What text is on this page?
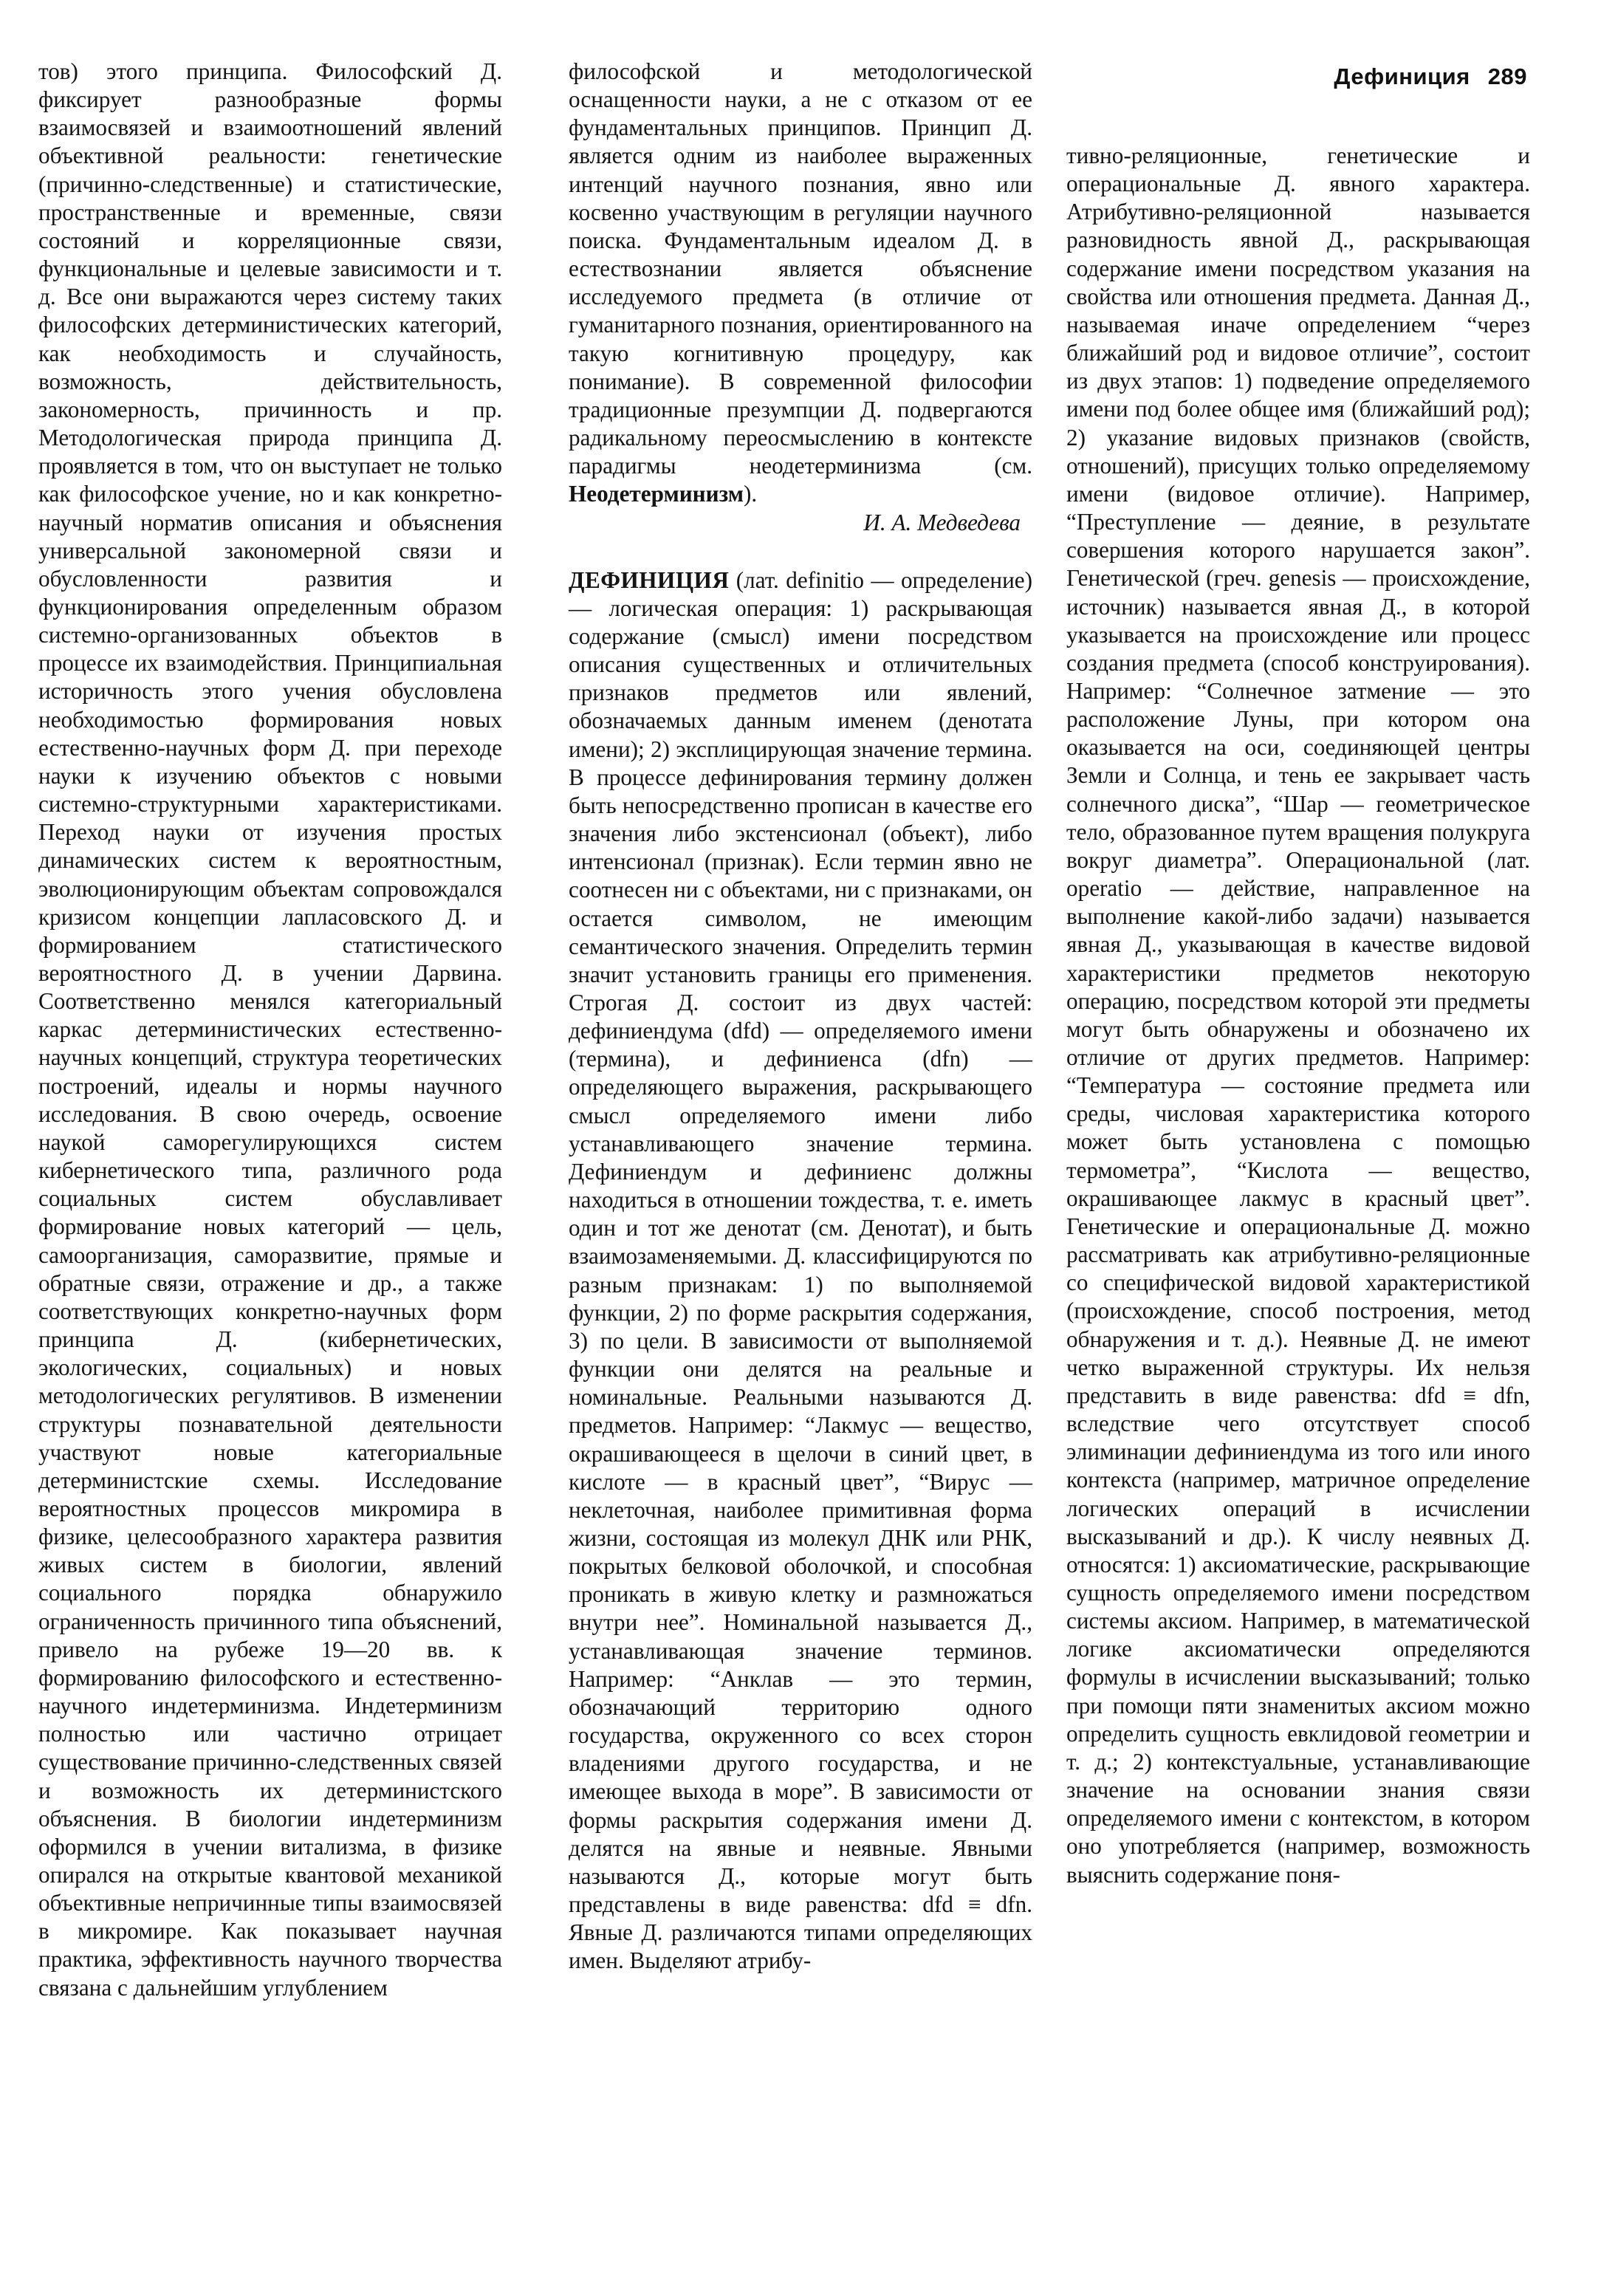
Дефиниция 289

тов) этого принципа. Философский Д. фиксирует разнообразные формы взаимосвязей и взаимоотношений явлений объективной реальности: генетические (причинно-следственные) и статистические, пространственные и временные, связи состояний и корреляционные связи, функциональные и целевые зависимости и т. д. Все они выражаются через систему таких философских детерминистических категорий, как необходимость и случайность, возможность, действительность, закономерность, причинность и пр. Методологическая природа принципа Д. проявляется в том, что он выступает не только как философское учение, но и как конкретно-научный норматив описания и объяснения универсальной закономерной связи и обусловленности развития и функционирования определенным образом системно-организованных объектов в процессе их взаимодействия. Принципиальная историчность этого учения обусловлена необходимостью формирования новых естественно-научных форм Д. при переходе науки к изучению объектов с новыми системно-структурными характеристиками. Переход науки от изучения простых динамических систем к вероятностным, эволюционирующим объектам сопровождался кризисом концепции лапласовского Д. и формированием статистического вероятностного Д. в учении Дарвина. Соответственно менялся категориальный каркас детерминистических естественно-научных концепций, структура теоретических построений, идеалы и нормы научного исследования. В свою очередь, освоение наукой саморегулирующихся систем кибернетического типа, различного рода социальных систем обуславливает формирование новых категорий — цель, самоорганизация, саморазвитие, прямые и обратные связи, отражение и др., а также соответствующих конкретно-научных форм принципа Д. (кибернетических, экологических, социальных) и новых методологических регулятивов. В изменении структуры познавательной деятельности участвуют новые категориальные детерминистские схемы. Исследование вероятностных процессов микромира в физике, целесообразного характера развития живых систем в биологии, явлений социального порядка обнаружило ограниченность причинного типа объяснений, привело на рубеже 19—20 вв. к формированию философского и естественно-научного индетерминизма. Индетерминизм полностью или частично отрицает существование причинно-следственных связей и возможность их детерминистского объяснения. В биологии индетерминизм оформился в учении витализма, в физике опирался на открытые квантовой механикой объективные непричинные типы взаимосвязей в микромире. Как показывает научная практика, эффективность научного творчества связана с дальнейшим углублением

философской и методологической оснащенности науки, а не с отказом от ее фундаментальных принципов. Принцип Д. является одним из наиболее выраженных интенций научного познания, явно или косвенно участвующим в регуляции научного поиска. Фундаментальным идеалом Д. в естествознании является объяснение исследуемого предмета (в отличие от гуманитарного познания, ориентированного на такую когнитивную процедуру, как понимание). В современной философии традиционные презумпции Д. подвергаются радикальному переосмыслению в контексте парадигмы неодетерминизма (см. Неодетерминизм).

И. А. Медведева

ДЕФИНИЦИЯ (лат. definitio — определение) — логическая операция: 1) раскрывающая содержание (смысл) имени посредством описания существенных и отличительных признаков предметов или явлений, обозначаемых данным именем (денотата имени); 2) эксплицирующая значение термина. В процессе дефинирования термину должен быть непосредственно прописан в качестве его значения либо экстенсионал (объект), либо интенсионал (признак). Если термин явно не соотнесен ни с объектами, ни с признаками, он остается символом, не имеющим семантического значения. Определить термин значит установить границы его применения. Строгая Д. состоит из двух частей: дефиниендума (dfd) — определяемого имени (термина), и дефиниенса (dfn) — определяющего выражения, раскрывающего смысл определяемого имени либо устанавливающего значение термина. Дефиниендум и дефиниенс должны находиться в отношении тождества, т. е. иметь один и тот же денотат (см. Денотат), и быть взаимозаменяемыми. Д. классифицируются по разным признакам: 1) по выполняемой функции, 2) по форме раскрытия содержания, 3) по цели. В зависимости от выполняемой функции они делятся на реальные и номинальные. Реальными называются Д. предметов. Например: “Лакмус — вещество, окрашивающееся в щелочи в синий цвет, в кислоте — в красный цвет”, “Вирус — неклеточная, наиболее примитивная форма жизни, состоящая из молекул ДНК или РНК, покрытых белковой оболочкой, и способная проникать в живую клетку и размножаться внутри нее”. Номинальной называется Д., устанавливающая значение терминов. Например: “Анклав — это термин, обозначающий территорию одного государства, окруженного со всех сторон владениями другого государства, и не имеющее выхода в море”. В зависимости от формы раскрытия содержания имени Д. делятся на явные и неявные. Явными называются Д., которые могут быть представлены в виде равенства: dfd ≡ dfn. Явные Д. различаются типами определяющих имен. Выделяют атрибу-

тивно-реляционные, генетические и операциональные Д. явного характера. Атрибутивно-реляционной называется разновидность явной Д., раскрывающая содержание имени посредством указания на свойства или отношения предмета. Данная Д., называемая иначе определением “через ближайший род и видовое отличие”, состоит из двух этапов: 1) подведение определяемого имени под более общее имя (ближайший род); 2) указание видовых признаков (свойств, отношений), присущих только определяемому имени (видовое отличие). Например, “Преступление — деяние, в результате совершения которого нарушается закон”. Генетической (греч. genesis — происхождение, источник) называется явная Д., в которой указывается на происхождение или процесс создания предмета (способ конструирования). Например: “Солнечное затмение — это расположение Луны, при котором она оказывается на оси, соединяющей центры Земли и Солнца, и тень ее закрывает часть солнечного диска”, “Шар — геометрическое тело, образованное путем вращения полукруга вокруг диаметра”. Операциональной (лат. operatio — действие, направленное на выполнение какой-либо задачи) называется явная Д., указывающая в качестве видовой характеристики предметов некоторую операцию, посредством которой эти предметы могут быть обнаружены и обозначено их отличие от других предметов. Например: “Температура — состояние предмета или среды, числовая характеристика которого может быть установлена с помощью термометра”, “Кислота — вещество, окрашивающее лакмус в красный цвет”. Генетические и операциональные Д. можно рассматривать как атрибутивно-реляционные со специфической видовой характеристикой (происхождение, способ построения, метод обнаружения и т. д.). Неявные Д. не имеют четко выраженной структуры. Их нельзя представить в виде равенства: dfd ≡ dfn, вследствие чего отсутствует способ элиминации дефиниендума из того или иного контекста (например, матричное определение логических операций в исчислении высказываний и др.). К числу неявных Д. относятся: 1) аксиоматические, раскрывающие сущность определяемого имени посредством системы аксиом. Например, в математической логике аксиоматически определяются формулы в исчислении высказываний; только при помощи пяти знаменитых аксиом можно определить сущность евклидовой геометрии и т. д.; 2) контекстуальные, устанавливающие значение на основании знания связи определяемого имени с контекстом, в котором оно употребляется (например, возможность выяснить содержание поня-
